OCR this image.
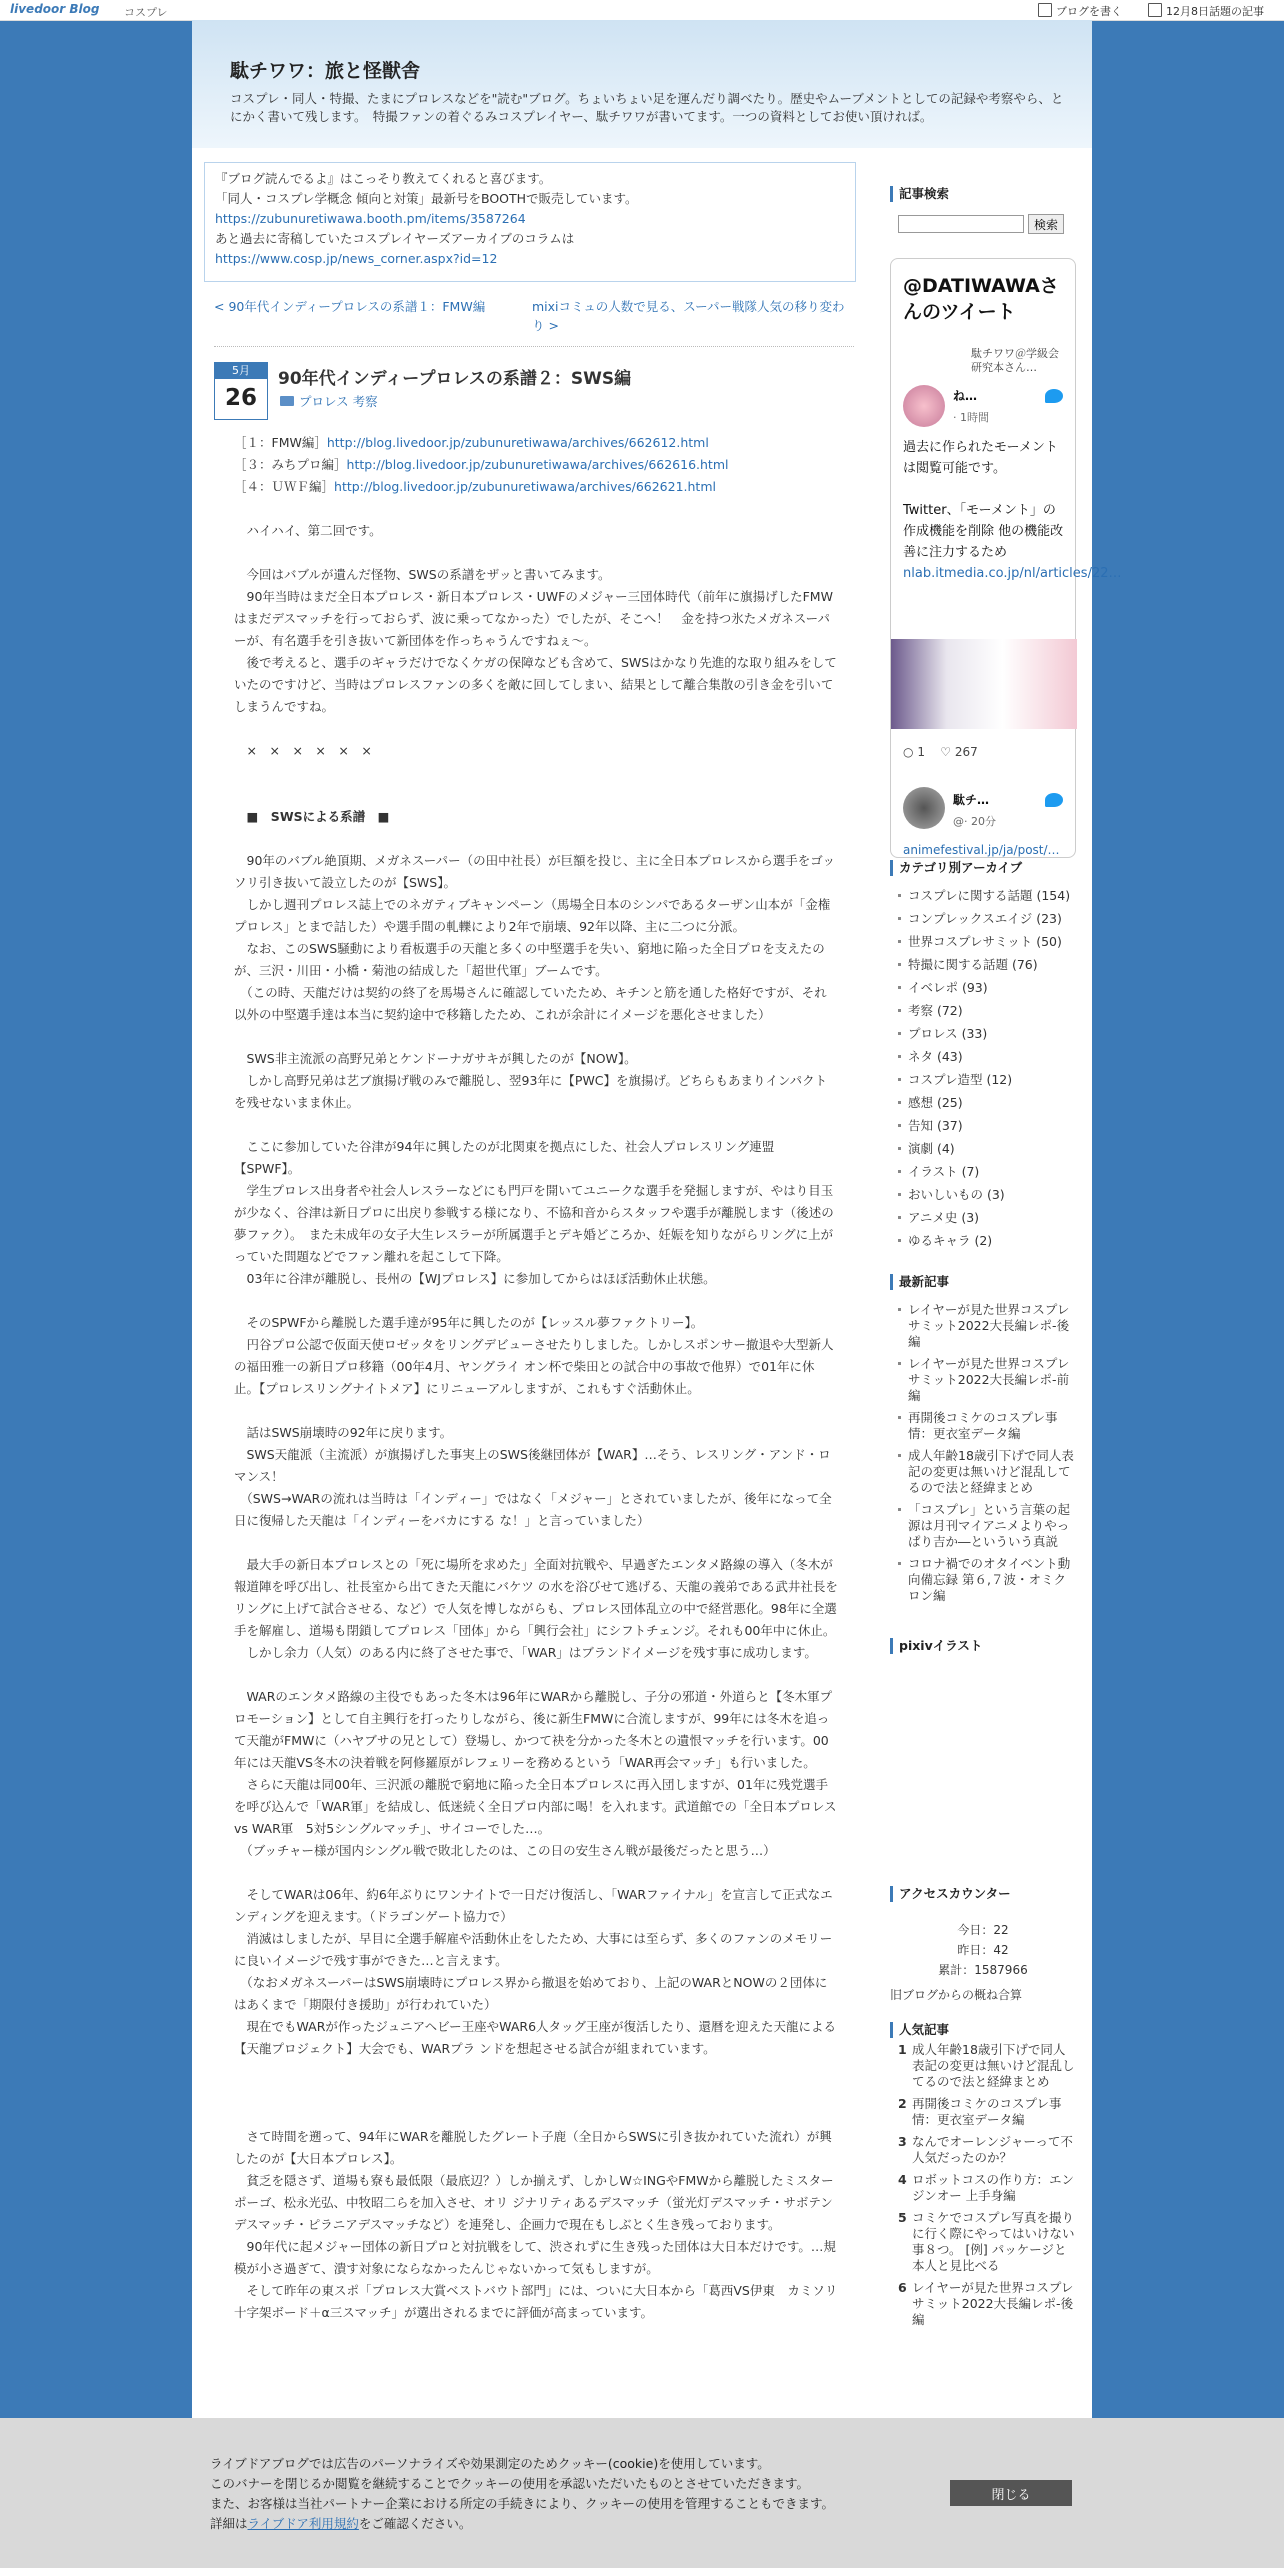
livedoor Blog コスプレ	ブログを書く	12月8日話題の記事
駄チワワ：旅と怪獣舎
コスプレ・同人・特撮、たまにプロレスなどを"読む"ブログ。ちょいちょい足を運んだり調べたり。歴史やムーブメントとしての記録や考察やら、とにかく書いて残します。　特撮ファンの着ぐるみコスプレイヤー、駄チワワが書いてます。一つの資料としてお使い頂ければ。
『ブログ読んでるよ』はこっそり教えてくれると喜びます。
「同人・コスプレ学概念 傾向と対策」最新号をBOOTHで販売しています。
https://zubunuretiwawa.booth.pm/items/3587264
あと過去に寄稿していたコスプレイヤーズアーカイブのコラムは
https://www.cosp.jp/news_corner.aspx?id=12
< 90年代インディープロレスの系譜１：FMW編	mixiコミュの人数で見る、スーパー戦隊人気の移り変わり >
5月
26
90年代インディープロレスの系譜２：SWS編
プロレス 考察
［１：FMW編］http://blog.livedoor.jp/zubunuretiwawa/archives/662612.html
［３：みちプロ編］http://blog.livedoor.jp/zubunuretiwawa/archives/662616.html
［４：ＵＷＦ編］http://blog.livedoor.jp/zubunuretiwawa/archives/662621.html

　ハイハイ、第二回です。

　今回はバブルが遺んだ怪物、SWSの系譜をザッと書いてみます。

　90年当時はまだ全日本プロレス・新日本プロレス・UWFのメジャー三団体時代（前年に旗揚げしたFMWはまだデスマッチを行っておらず、波に乗ってなかった）でしたが、そこへ！　金を持つ氷たメガネスーパーが、有名選手を引き抜いて新団体を作っちゃうんですねぇ～。

　後で考えると、選手のギャラだけでなくケガの保障なども含めて、SWSはかなり先進的な取り組みをしていたのですけど、当時はプロレスファンの多くを敵に回してしまい、結果として離合集散の引き金を引いてしまうんですね。

　×　×　×　×　×　×

　■　SWSによる系譜　■

　90年のバブル絶頂期、メガネスーパー（の田中社長）が巨額を投じ、主に全日本プロレスから選手をゴッソリ引き抜いて設立したのが【SWS】。

　しかし週刊プロレス誌上でのネガティブキャンペーン（馬場全日本のシンパであるターザン山本が「金権プロレス」とまで詰した）や選手間の軋轢により2年で崩壊、92年以降、主に二つに分派。

　なお、このSWS騒動により看板選手の天龍と多くの中堅選手を失い、窮地に陥った全日プロを支えたのが、三沢・川田・小橋・菊池の結成した「超世代軍」ブームです。

　（この時、天龍だけは契約の終了を馬場さんに確認していたため、キチンと筋を通した格好ですが、それ以外の中堅選手達は本当に契約途中で移籍したため、これが余計にイメージを悪化させました）

　SWS非主流派の高野兄弟とケンドーナガサキが興したのが【NOW】。

　しかし高野兄弟は艺ブ旗揚げ戦のみで離脱し、翌93年に【PWC】を旗揚げ。どちらもあまりインパクトを残せないまま休止。

　ここに参加していた谷津が94年に興したのが北関東を拠点にした、社会人プロレスリング連盟【SPWF】。

　学生プロレス出身者や社会人レスラーなどにも門戸を開いてユニークな選手を発掘しますが、やはり目玉が少なく、谷津は新日プロに出戻り参戦する様になり、不協和音からスタッフや選手が離脱します（後述の夢ファク）。　また未成年の女子大生レスラーが所属選手とデキ婚どころか、妊娠を知りながらリングに上がっていた問題などでファン離れを起こして下降。

　03年に谷津が離脱し、長州の【WJプロレス】に参加してからはほぼ活動休止状態。

　そのSPWFから離脱した選手達が95年に興したのが【レッスル夢ファクトリー】。

　円谷プロ公認で仮面天使ロゼッタをリングデビューさせたりしました。しかしスポンサー撤退や大型新人の福田雅一の新日プロ移籍（00年4月、ヤングライ オン杯で柴田との試合中の事故で他界）で01年に休止。【プロレスリングナイトメア】にリニューアルしますが、これもすぐ活動休止。

　話はSWS崩壊時の92年に戻ります。

　SWS天龍派（主流派）が旗揚げした事実上のSWS後継団体が【WAR】…そう、レスリング・アンド・ロマンス！

　（SWS→WARの流れは当時は「インディー」ではなく「メジャー」とされていましたが、後年になって全日に復帰した天龍は「インディーをバカにする な！」と言っていました）

　最大手の新日本プロレスとの「死に場所を求めた」全面対抗戦や、早過ぎたエンタメ路線の導入（冬木が報道陣を呼び出し、社長室から出てきた天龍にバケツ の水を浴びせて逃げる、天龍の義弟である武井社長をリングに上げて試合させる、など）で人気を博しながらも、プロレス団体乱立の中で経営悪化。98年に全選手を解雇し、道場も閉鎖してプロレス「団体」から「興行会社」にシフトチェンジ。それも00年中に休止。

　しかし余力（人気）のある内に終了させた事で、「WAR」はブランドイメージを残す事に成功します。

　WARのエンタメ路線の主役でもあった冬木は96年にWARから離脱し、子分の邪道・外道らと【冬木軍プロモーション】として自主興行を打ったりしながら、後に新生FMWに合流しますが、99年には冬木を追って天龍がFMWに（ハヤブサの兄として）登場し、かつて袂を分かった冬木との遺恨マッチを行います。00年には天龍VS冬木の決着戦を阿修羅原がレフェリーを務めるという「WAR再会マッチ」も行いました。

　さらに天龍は同00年、三沢派の離脱で窮地に陥った全日本プロレスに再入団しますが、01年に残党選手を呼び込んで「WAR軍」を結成し、低迷続く全日プロ内部に喝！を入れます。武道館での「全日本プロレス vs WAR軍　5対5シングルマッチ」、サイコーでした…。

　（ブッチャー様が国内シングル戦で敗北したのは、この日の安生さん戦が最後だったと思う…）

　そしてWARは06年、約6年ぶりにワンナイトで一日だけ復活し、「WARファイナル」を宣言して正式なエンディングを迎えます。（ドラゴンゲート協力で）

　消滅はしましたが、早目に全選手解雇や活動休止をしたため、大事には至らず、多くのファンのメモリーに良いイメージで残す事ができた…と言えます。

　（なおメガネスーパーはSWS崩壊時にプロレス界から撤退を始めており、上記のWARとNOWの２団体にはあくまで「期限付き援助」が行われていた）

　現在でもWARが作ったジュニアヘビー王座やWAR6人タッグ王座が復活したり、還暦を迎えた天龍による【天龍プロジェクト】大会でも、WARプラ ンドを想起させる試合が組まれています。

　さて時間を遡って、94年にWARを離脱したグレート子鹿（全日からSWSに引き抜かれていた流れ）が興したのが【大日本プロレス】。

　貧乏を隠さず、道場も寮も最低限（最底辺？）しか揃えず、しかしW☆INGやFMWから離脱したミスターポーゴ、松永光弘、中牧昭二らを加入させ、オリ ジナリティあるデスマッチ（蛍光灯デスマッチ・サボテンデスマッチ・ピラニアデスマッチなど）を連発し、企画力で現在もしぶとく生き残っております。

　90年代に起メジャー団体の新日プロと対抗戦をして、渋されずに生き残った団体は大日本だけです。…規模が小さ過ぎて、潰す対象にならなかったんじゃないかって気もしますが。

　そして昨年の東スポ「プロレス大賞ベストバウト部門」には、ついに大日本から「葛西VS伊東　カミソリ十字架ボード＋α三スマッチ」が選出されるまでに評価が高まっています。

記事検索
検索
@DATIWAWAさんのツイート
駄チワワ＠学級会研究本さん…
ね…
· 1時間
過去に作られたモーメントは閲覧可能です。

Twitter、「モーメント」の作成機能を削除 他の機能改善に注力するため
nlab.itmedia.co.jp/nl/articles/22…
○ 1 ♡ 267
駄チ…
@· 20分
animefestival.jp/ja/post/…
カテゴリ別アーカイブ
コスプレに関する話題 (154)
コンプレックスエイジ (23)
世界コスプレサミット (50)
特撮に関する話題 (76)
イベレポ (93)
考察 (72)
プロレス (33)
ネタ (43)
コスプレ造型 (12)
感想 (25)
告知 (37)
演劇 (4)
イラスト (7)
おいしいもの (3)
アニメ史 (3)
ゆるキャラ (2)
最新記事
レイヤーが見た世界コスプレサミット2022大長編レポ-後編
レイヤーが見た世界コスプレサミット2022大長編レポ-前編
再開後コミケのコスプレ事情：更衣室データ編
成人年齢18歳引下げで同人表記の変更は無いけど混乱してるので法と経緯まとめ
「コスプレ」という言葉の起源は月刊マイアニメよりやっぱり吉か―といういう真説
コロナ禍でのオタイベント動向備忘録 第６,７波・オミクロン編
pixivイラスト
アクセスカウンター
今日：22
昨日：42
累計：1587966
旧ブログからの概ね合算
人気記事
1 成人年齢18歳引下げで同人表記の変更は無いけど混乱してるので法と経緯まとめ
2 再開後コミケのコスプレ事情：更衣室データ編
3 なんでオーレンジャーって不人気だったのか？
4 ロボットコスの作り方：エンジンオー 上手身編
5 コミケでコスプレ写真を撮りに行く際にやってはいけない事８つ。 [例] パッケージと本人と見比べる
6 レイヤーが見た世界コスプレサミット2022大長編レポ-後編
ライブドアブログでは広告のパーソナライズや効果測定のためクッキー(cookie)を使用しています。
このバナーを閉じるか閲覧を継続することでクッキーの使用を承認いただいたものとさせていただきます。
また、お客様は当社パートナー企業における所定の手続きにより、クッキーの使用を管理することもできます。
詳細はライブドア利用規約をご確認ください。
閉じる
